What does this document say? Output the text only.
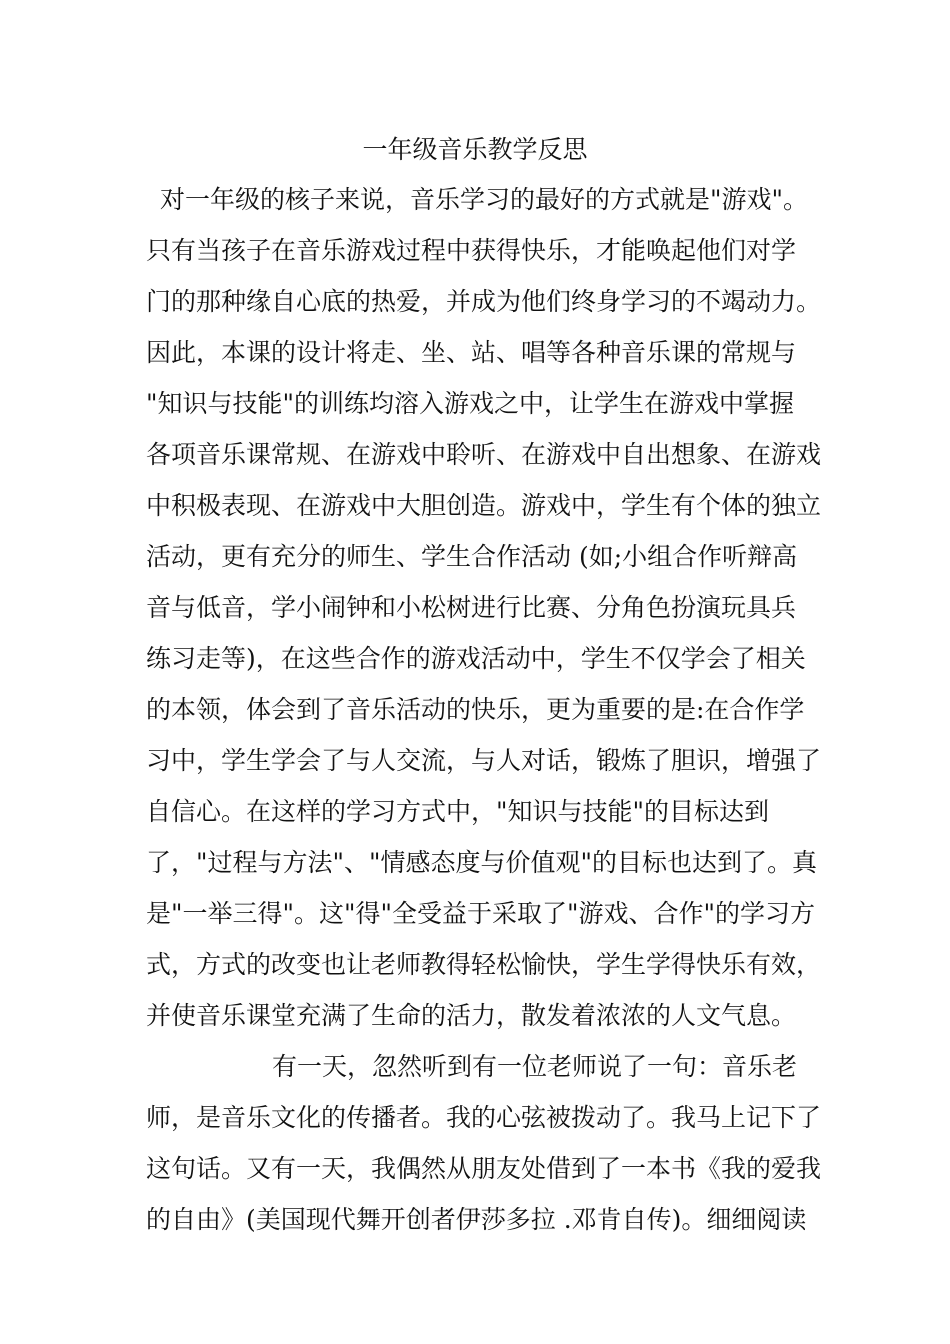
一年级音乐教学反思
对一年级的核子来说，音乐学习的最好的方式就是"游戏"。
只有当孩子在音乐游戏过程中获得快乐，才能唤起他们对学
门的那种缘自心底的热爱，并成为他们终身学习的不竭动力。
因此，本课的设计将走、坐、站、唱等各种音乐课的常规与
"知识与技能"的训练均溶入游戏之中，让学生在游戏中掌握
各项音乐课常规、在游戏中聆听、在游戏中自出想象、在游戏
中积极表现、在游戏中大胆创造。游戏中，学生有个体的独立
活动，更有充分的师生、学生合作活动 (如;小组合作听辩高
音与低音，学小闹钟和小松树进行比赛、分角色扮演玩具兵
练习走等)，在这些合作的游戏活动中，学生不仅学会了相关
的本领，体会到了音乐活动的快乐，更为重要的是:在合作学
习中，学生学会了与人交流，与人对话，锻炼了胆识，增强了
自信心。在这样的学习方式中，"知识与技能"的目标达到
了，"过程与方法"、"情感态度与价值观"的目标也达到了。真
是"一举三得"。这"得"全受益于采取了"游戏、合作"的学习方
式，方式的改变也让老师教得轻松愉快，学生学得快乐有效，
并使音乐课堂充满了生命的活力，散发着浓浓的人文气息。
有一天，忽然听到有一位老师说了一句：音乐老
师，是音乐文化的传播者。我的心弦被拨动了。我马上记下了
这句话。又有一天，我偶然从朋友处借到了一本书《我的爱我
的自由》(美国现代舞开创者伊莎多拉 .邓肯自传)。细细阅读
